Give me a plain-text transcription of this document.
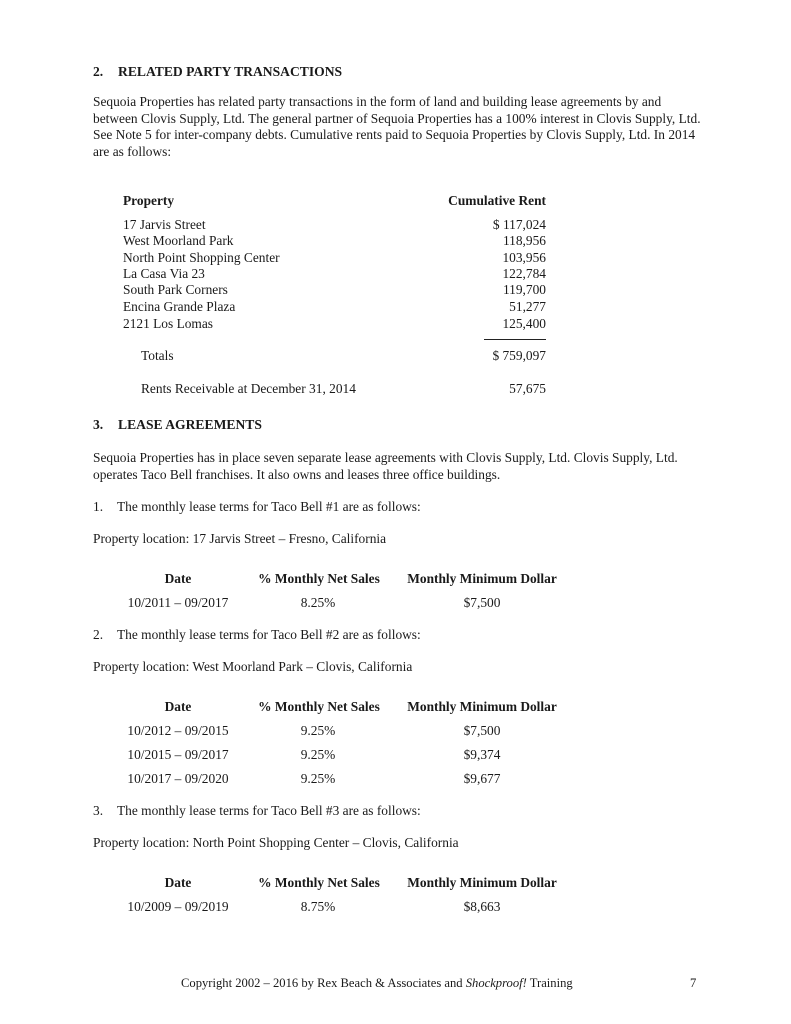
2. RELATED PARTY TRANSACTIONS
Sequoia Properties has related party transactions in the form of land and building lease agreements by and between Clovis Supply, Ltd. The general partner of Sequoia Properties has a 100% interest in Clovis Supply, Ltd. See Note 5 for inter-company debts. Cumulative rents paid to Sequoia Properties by Clovis Supply, Ltd. In 2014 are as follows:
Property	Cumulative Rent
17 Jarvis Street	$ 117,024
West Moorland Park	118,956
North Point Shopping Center	103,956
La Casa Via 23	122,784
South Park Corners	119,700
Encina Grande Plaza	51,277
2121 Los Lomas	125,400
Totals	$ 759,097
Rents Receivable at December 31, 2014	57,675
3. LEASE AGREEMENTS
Sequoia Properties has in place seven separate lease agreements with Clovis Supply, Ltd. Clovis Supply, Ltd. operates Taco Bell franchises. It also owns and leases three office buildings.
1. The monthly lease terms for Taco Bell #1 are as follows:
Property location: 17 Jarvis Street – Fresno, California
Date	% Monthly Net Sales	Monthly Minimum Dollar
10/2011 – 09/2017	8.25%	$7,500
2. The monthly lease terms for Taco Bell #2 are as follows:
Property location: West Moorland Park – Clovis, California
Date	% Monthly Net Sales	Monthly Minimum Dollar
10/2012 – 09/2015	9.25%	$7,500
10/2015 – 09/2017	9.25%	$9,374
10/2017 – 09/2020	9.25%	$9,677
3. The monthly lease terms for Taco Bell #3 are as follows:
Property location: North Point Shopping Center – Clovis, California
Date	% Monthly Net Sales	Monthly Minimum Dollar
10/2009 – 09/2019	8.75%	$8,663
Copyright 2002 – 2016 by Rex Beach & Associates and Shockproof! Training	7
